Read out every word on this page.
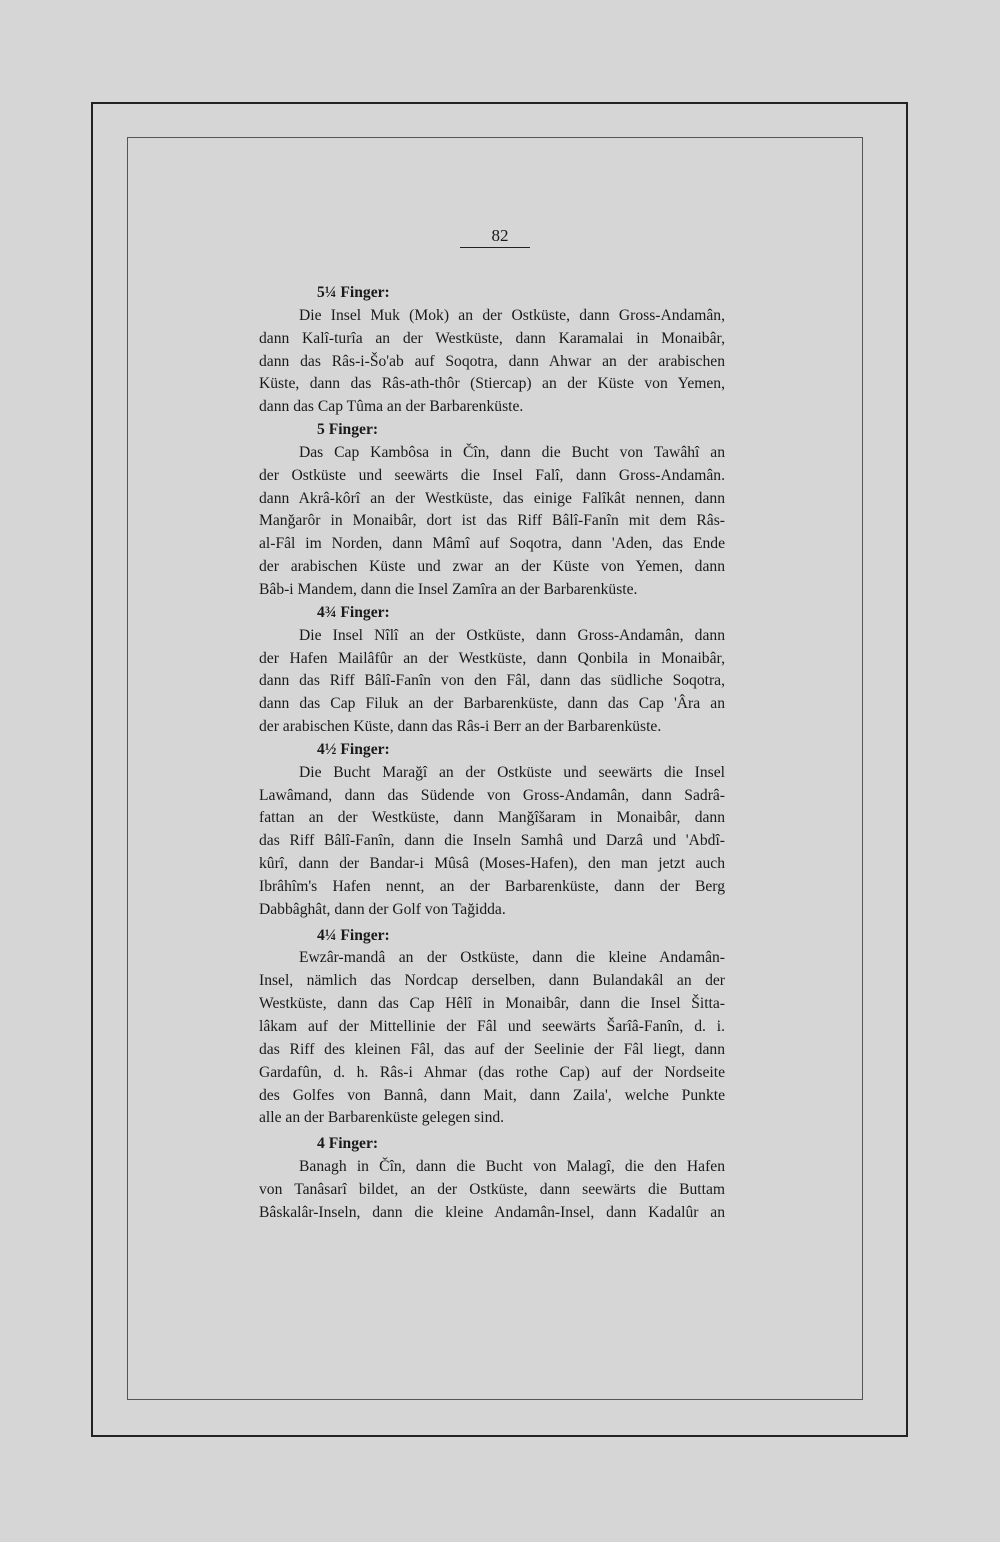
82
5¼ Finger:
Die Insel Muk (Mok) an der Ostküste, dann Gross-Andamân,
dann Kalî-turîa an der Westküste, dann Karamalai in Monaibâr,
dann das Râs-i-Šo'ab auf Soqotra, dann Ahwar an der arabischen
Küste, dann das Râs-ath-thôr (Stiercap) an der Küste von Yemen,
dann das Cap Tûma an der Barbarenküste.
5 Finger:
Das Cap Kambôsa in Čîn, dann die Bucht von Tawâhî an
der Ostküste und seewärts die Insel Falî, dann Gross-Andamân.
dann Akrâ-kôrî an der Westküste, das einige Falîkât nennen, dann
Manğarôr in Monaibâr, dort ist das Riff Bâlî-Fanîn mit dem Râs-
al-Fâl im Norden, dann Mâmî auf Soqotra, dann 'Aden, das Ende
der arabischen Küste und zwar an der Küste von Yemen, dann
Bâb-i Mandem, dann die Insel Zamîra an der Barbarenküste.
4¾ Finger:
Die Insel Nîlî an der Ostküste, dann Gross-Andamân, dann
der Hafen Mailâfûr an der Westküste, dann Qonbila in Monaibâr,
dann das Riff Bâlî-Fanîn von den Fâl, dann das südliche Soqotra,
dann das Cap Filuk an der Barbarenküste, dann das Cap 'Âra an
der arabischen Küste, dann das Râs-i Berr an der Barbarenküste.
4½ Finger:
Die Bucht Marağî an der Ostküste und seewärts die Insel
Lawâmand, dann das Südende von Gross-Andamân, dann Sadrâ-
fattan an der Westküste, dann Manğîšaram in Monaibâr, dann
das Riff Bâlî-Fanîn, dann die Inseln Samhâ und Darzâ und 'Abdî-
kûrî, dann der Bandar-i Mûsâ (Moses-Hafen), den man jetzt auch
Ibrâhîm's Hafen nennt, an der Barbarenküste, dann der Berg
Dabbâghât, dann der Golf von Tağidda.
4¼ Finger:
Ewzâr-mandâ an der Ostküste, dann die kleine Andamân-
Insel, nämlich das Nordcap derselben, dann Bulandakâl an der
Westküste, dann das Cap Hêlî in Monaibâr, dann die Insel Šitta-
lâkam auf der Mittellinie der Fâl und seewärts Šarîâ-Fanîn, d. i.
das Riff des kleinen Fâl, das auf der Seelinie der Fâl liegt, dann
Gardafûn, d. h. Râs-i Ahmar (das rothe Cap) auf der Nordseite
des Golfes von Bannâ, dann Mait, dann Zaila', welche Punkte
alle an der Barbarenküste gelegen sind.
4 Finger:
Banagh in Čîn, dann die Bucht von Malagî, die den Hafen
von Tanâsarî bildet, an der Ostküste, dann seewärts die Buttam
Bâskalâr-Inseln, dann die kleine Andamân-Insel, dann Kadalûr an
